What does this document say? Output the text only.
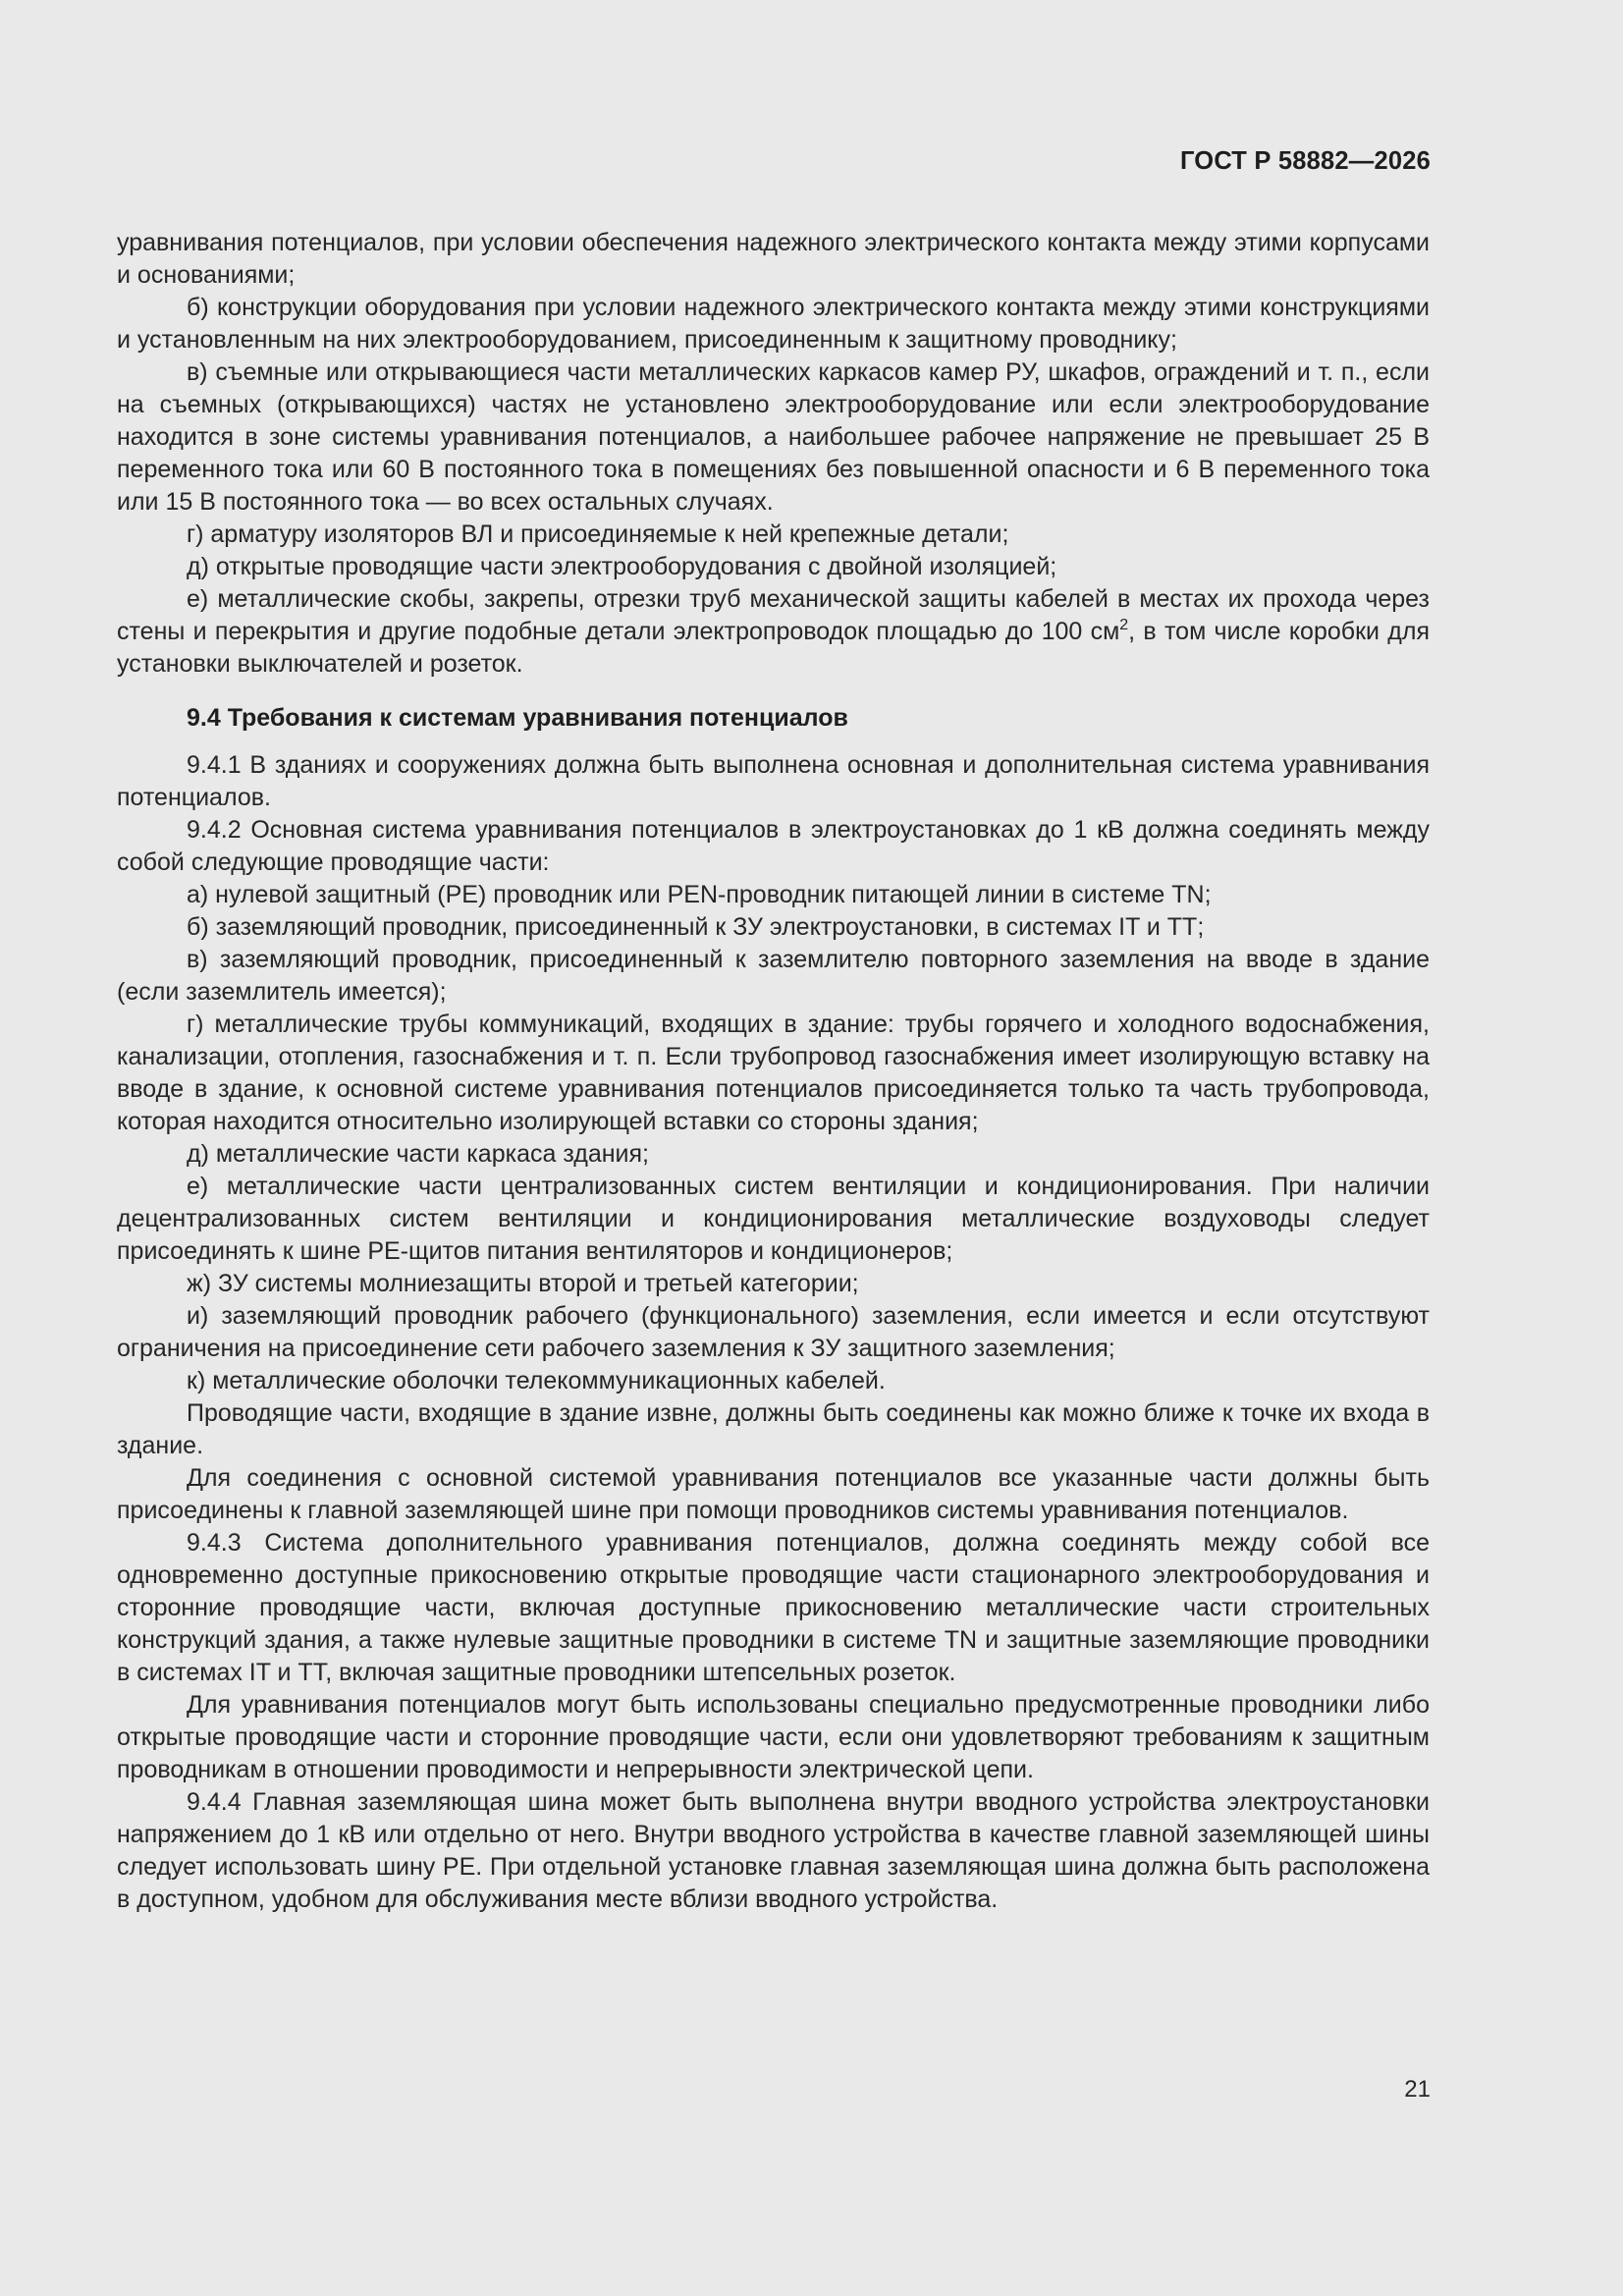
ГОСТ Р 58882—2026

уравнивания потенциалов, при условии обеспечения надежного электрического контакта между этими корпусами и основаниями;

б) конструкции оборудования при условии надежного электрического контакта между этими конструкциями и установленным на них электрооборудованием, присоединенным к защитному проводнику;

в) съемные или открывающиеся части металлических каркасов камер РУ, шкафов, ограждений и т. п., если на съемных (открывающихся) частях не установлено электрооборудование или если электрооборудование находится в зоне системы уравнивания потенциалов, а наибольшее рабочее напряжение не превышает 25 В переменного тока или 60 В постоянного тока в помещениях без повышенной опасности и 6 В переменного тока или 15 В постоянного тока — во всех остальных случаях.

г) арматуру изоляторов ВЛ и присоединяемые к ней крепежные детали;

д) открытые проводящие части электрооборудования с двойной изоляцией;

е) металлические скобы, закрепы, отрезки труб механической защиты кабелей в местах их прохода через стены и перекрытия и другие подобные детали электропроводок площадью до 100 $см^2$, в том числе коробки для установки выключателей и розеток.

9.4 Требования к системам уравнивания потенциалов

9.4.1 В зданиях и сооружениях должна быть выполнена основная и дополнительная система уравнивания потенциалов.

9.4.2 Основная система уравнивания потенциалов в электроустановках до 1 кВ должна соединять между собой следующие проводящие части:

а) нулевой защитный (PE) проводник или PEN-проводник питающей линии в системе TN;

б) заземляющий проводник, присоединенный к ЗУ электроустановки, в системах IT и ТТ;

в) заземляющий проводник, присоединенный к заземлителю повторного заземления на вводе в здание (если заземлитель имеется);

г) металлические трубы коммуникаций, входящих в здание: трубы горячего и холодного водоснабжения, канализации, отопления, газоснабжения и т. п. Если трубопровод газоснабжения имеет изолирующую вставку на вводе в здание, к основной системе уравнивания потенциалов присоединяется только та часть трубопровода, которая находится относительно изолирующей вставки со стороны здания;

д) металлические части каркаса здания;

е) металлические части централизованных систем вентиляции и кондиционирования. При наличии децентрализованных систем вентиляции и кондиционирования металлические воздуховоды следует присоединять к шине PE-щитов питания вентиляторов и кондиционеров;

ж) ЗУ системы молниезащиты второй и третьей категории;

и) заземляющий проводник рабочего (функционального) заземления, если имеется и если отсутствуют ограничения на присоединение сети рабочего заземления к ЗУ защитного заземления;

к) металлические оболочки телекоммуникационных кабелей.

Проводящие части, входящие в здание извне, должны быть соединены как можно ближе к точке их входа в здание.

Для соединения с основной системой уравнивания потенциалов все указанные части должны быть присоединены к главной заземляющей шине при помощи проводников системы уравнивания потенциалов.

9.4.3 Система дополнительного уравнивания потенциалов, должна соединять между собой все одновременно доступные прикосновению открытые проводящие части стационарного электрооборудования и сторонние проводящие части, включая доступные прикосновению металлические части строительных конструкций здания, а также нулевые защитные проводники в системе TN и защитные заземляющие проводники в системах IT и ТТ, включая защитные проводники штепсельных розеток.

Для уравнивания потенциалов могут быть использованы специально предусмотренные проводники либо открытые проводящие части и сторонние проводящие части, если они удовлетворяют требованиям к защитным проводникам в отношении проводимости и непрерывности электрической цепи.

9.4.4 Главная заземляющая шина может быть выполнена внутри вводного устройства электроустановки напряжением до 1 кВ или отдельно от него. Внутри вводного устройства в качестве главной заземляющей шины следует использовать шину PE. При отдельной установке главная заземляющая шина должна быть расположена в доступном, удобном для обслуживания месте вблизи вводного устройства.

21
